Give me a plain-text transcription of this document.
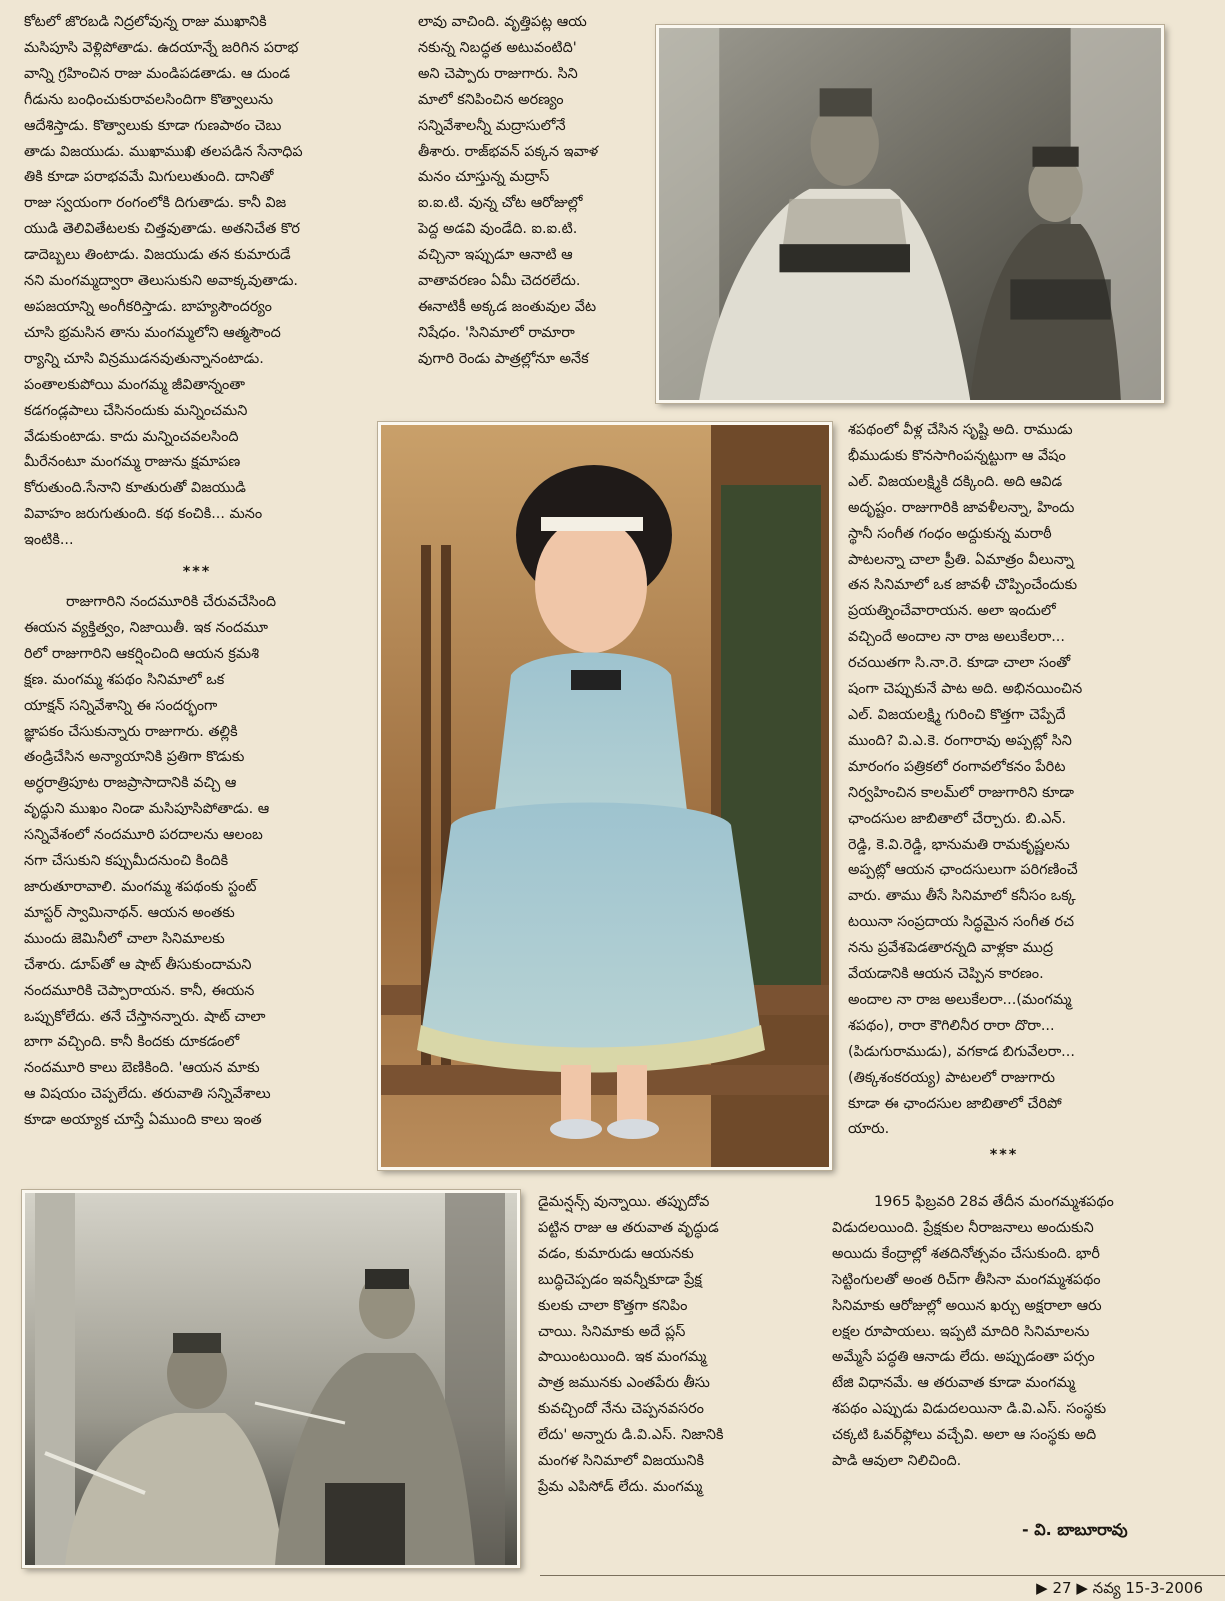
కోటలో జొరబడి నిద్రలోవున్న రాజు ముఖానికి
మసిపూసి వెళ్లిపోతాడు. ఉదయాన్నే జరిగిన పరాభ
వాన్ని గ్రహించిన రాజు మండిపడతాడు. ఆ దుండ
గీడును బంధించుకురావలసిందిగా కొత్వాలును
ఆదేశిస్తాడు. కొత్వాలుకు కూడా గుణపాఠం చెబు
తాడు విజయుడు. ముఖాముఖి తలపడిన సేనాధిప
తికి కూడా పరాభవమే మిగులుతుంది. దానితో
రాజు స్వయంగా రంగంలోకి దిగుతాడు. కానీ విజ
యుడి తెలివితేటలకు చిత్తవుతాడు. అతనిచేత కొర
డాదెబ్బలు తింటాడు. విజయుడు తన కుమారుడే
నని మంగమ్మద్వారా తెలుసుకుని అవాక్కవుతాడు.
అపజయాన్ని అంగీకరిస్తాడు. బాహ్యసౌందర్యం
చూసి భ్రమసిన తాను మంగమ్మలోని ఆత్మసౌంద
ర్యాన్ని చూసి విన్రముడనవుతున్నానంటాడు.
పంతాలకుపోయి మంగమ్మ జీవితాన్నంతా
కడగండ్లపాలు చేసినందుకు మన్నించమని
వేడుకుంటాడు. కాదు మన్నించవలసింది
మీరేనంటూ మంగమ్మ రాజును క్షమాపణ
కోరుతుంది.సేనాని కూతురుతో విజయుడి
వివాహం జరుగుతుంది. కథ కంచికి... మనం
ఇంటికి...

***

రాజుగారిని నందమూరికి చేరువచేసింది
ఈయన వ్యక్తిత్వం, నిజాయితీ. ఇక నందమూ
రిలో రాజుగారిని ఆకర్షించింది ఆయన క్రమశి
క్షణ. మంగమ్మ శపథం సినిమాలో ఒక
యాక్షన్ సన్నివేశాన్ని ఈ సందర్భంగా
జ్ఞాపకం చేసుకున్నారు రాజుగారు. తల్లికి
తండ్రిచేసిన అన్యాయానికి ప్రతిగా కొడుకు
అర్ధరాత్రిపూట రాజప్రాసాదానికి వచ్చి ఆ
వృద్ధుని ముఖం నిండా మసిపూసిపోతాడు. ఆ
సన్నివేశంలో నందమూరి పరదాలను ఆలంబ
నగా చేసుకుని కప్పుమీదనుంచి కిందికి
జారుతూరావాలి. మంగమ్మ శపథంకు స్టంట్
మాస్టర్ స్వామినాథన్. ఆయన అంతకు
ముందు జెమినీలో చాలా సినిమాలకు
చేశారు. డూప్‌తో ఆ షాట్ తీసుకుందామని
నందమూరికి చెప్పారాయన. కానీ, ఈయన
ఒప్పుకోలేదు. తనే చేస్తానన్నారు. షాట్ చాలా
బాగా వచ్చింది. కానీ కిందకు దూకడంలో
నందమూరి కాలు బెణికింది. 'ఆయన మాకు
ఆ విషయం చెప్పలేదు. తరువాతి సన్నివేశాలు
కూడా అయ్యాక చూస్తే ఏముంది కాలు ఇంత

లావు వాచింది. వృత్తిపట్ల ఆయ
నకున్న నిబద్ధత అటువంటిది'
అని చెప్పారు రాజుగారు. సిని
మాలో కనిపించిన అరణ్యం
సన్నివేశాలన్నీ మద్రాసులోనే
తీశారు. రాజ్‌భవన్ పక్కన ఇవాళ
మనం చూస్తున్న మద్రాస్
ఐ.ఐ.టి. వున్న చోట ఆరోజుల్లో
పెద్ద అడవి వుండేది. ఐ.ఐ.టి.
వచ్చినా ఇప్పుడూ ఆనాటి ఆ
వాతావరణం ఏమీ చెదరలేదు.
ఈనాటికీ అక్కడ జంతువుల వేట
నిషేధం. 'సినిమాలో రామారా
వుగారి రెండు పాత్రల్లోనూ అనేక

శపథంలో వీళ్ల చేసిన సృష్టి అది. రాముడు
భీముడుకు కొనసాగింపన్నట్టుగా ఆ వేషం
ఎల్. విజయలక్ష్మికి దక్కింది. అది ఆవిడ
అదృష్టం. రాజుగారికి జావళీలన్నా, హిందు
స్థానీ సంగీత గంధం అద్దుకున్న మరాఠీ
పాటలన్నా చాలా ప్రీతి. ఏమాత్రం వీలున్నా
తన సినిమాలో ఒక జావళీ చొప్పించేందుకు
ప్రయత్నించేవారాయన. అలా ఇందులో
వచ్చిందే అందాల నా రాజ అలుకేలరా...
రచయితగా సి.నా.రె. కూడా చాలా సంతో
షంగా చెప్పుకునే పాట అది. అభినయించిన
ఎల్. విజయలక్ష్మి గురించి కొత్తగా చెప్పేదే
ముంది? వి.ఎ.కె. రంగారావు అప్పట్లో సిని
మారంగం పత్రికలో రంగావలోకనం పేరిట
నిర్వహించిన కాలమ్‌లో రాజుగారిని కూడా
ఛాందసుల జాబితాలో చేర్చారు. బి.ఎన్.
రెడ్డి, కె.వి.రెడ్డి, భానుమతి రామకృష్ణలను
అప్పట్లో ఆయన ఛాందసులుగా పరిగణించే
వారు. తాము తీసే సినిమాలో కనీసం ఒక్క
టయినా సంప్రదాయ సిద్ధమైన సంగీత రచ
నను ప్రవేశపెడతారన్నది వాళ్లకా ముద్ర
వేయడానికి ఆయన చెప్పిన కారణం.
అందాల నా రాజ అలుకేలరా...(మంగమ్మ
శపథం), రారా కౌగిలినీర రారా దొరా...
(పిడుగురాముడు), వగకాడ బిగువేలరా...
(తిక్కశంకరయ్య) పాటలలో రాజుగారు
కూడా ఈ ఛాందసుల జాబితాలో చేరిపో
యారు.

***

డైమన్షన్స్ వున్నాయి. తప్పుదోవ
పట్టిన రాజు ఆ తరువాత వృద్ధుడ
వడం, కుమారుడు ఆయనకు
బుద్ధిచెప్పడం ఇవన్నీకూడా ప్రేక్ష
కులకు చాలా కొత్తగా కనిపిం
చాయి. సినిమాకు అదే ప్లస్
పాయింటయింది. ఇక మంగమ్మ
పాత్ర జమునకు ఎంతపేరు తీసు
కువచ్చిందో నేను చెప్పనవసరం
లేదు' అన్నారు డి.వి.ఎస్. నిజానికి
మంగళ సినిమాలో విజయునికి
ప్రేమ ఎపిసోడ్ లేదు. మంగమ్మ

1965 ఫిబ్రవరి 28వ తేదీన మంగమ్మశపథం
విడుదలయింది. ప్రేక్షకుల నీరాజనాలు అందుకుని
అయిదు కేంద్రాల్లో శతదినోత్సవం చేసుకుంది. భారీ
సెట్టింగులతో అంత రిచ్‌గా తీసినా మంగమ్మశపథం
సినిమాకు ఆరోజుల్లో అయిన ఖర్చు అక్షరాలా ఆరు
లక్షల రూపాయలు. ఇప్పటి మాదిరి సినిమాలను
అమ్మేసే పద్ధతి ఆనాడు లేదు. అప్పుడంతా పర్సం
టేజి విధానమే. ఆ తరువాత కూడా మంగమ్మ
శపథం ఎప్పుడు విడుదలయినా డి.వి.ఎస్. సంస్థకు
చక్కటి ఓవర్‌ఫ్లోలు వచ్చేవి. అలా ఆ సంస్థకు అది
పాడి ఆవులా నిలిచింది.

- వి. బాబూరావు
▶ 27 ▶ నవ్య 15-3-2006
